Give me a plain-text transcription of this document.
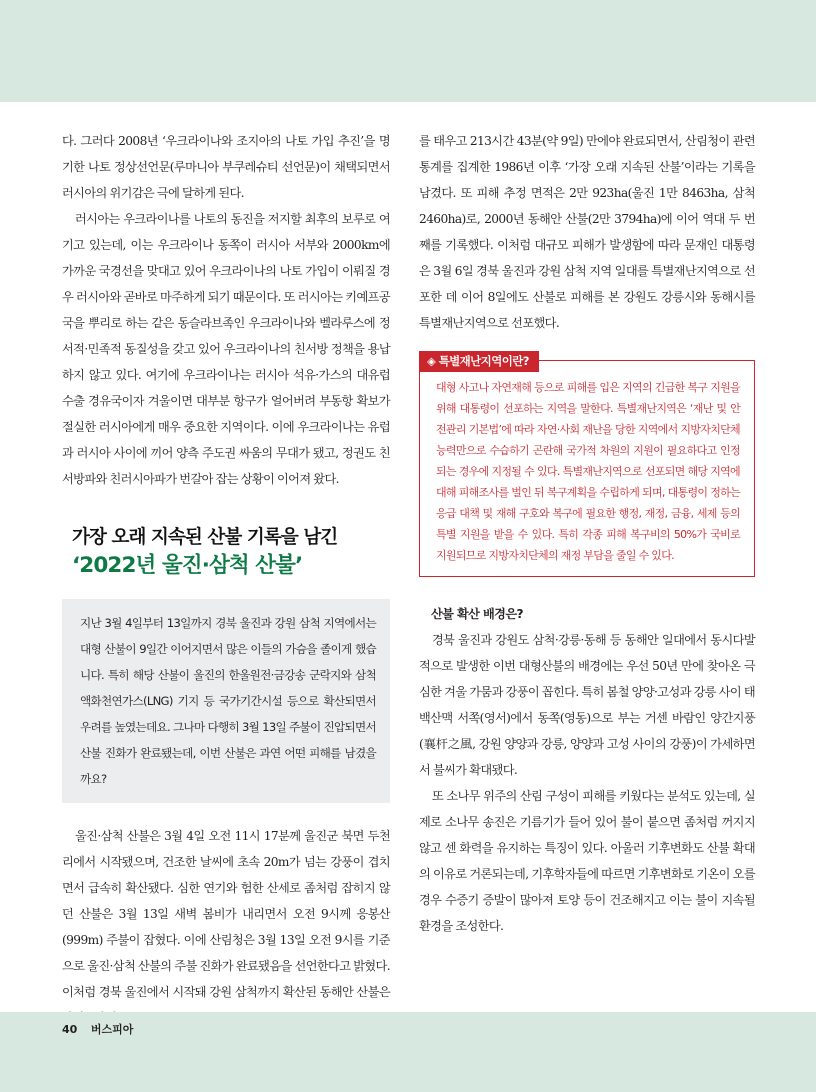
다. 그러다 2008년 ‘우크라이나와 조지아의 나토 가입 추진’을 명기한 나토 정상선언문(루마니아 부쿠레슈티 선언문)이 채택되면서 러시아의 위기감은 극에 달하게 된다.

러시아는 우크라이나를 나토의 동진을 저지할 최후의 보루로 여기고 있는데, 이는 우크라이나 동쪽이 러시아 서부와 2000km에 가까운 국경선을 맞대고 있어 우크라이나의 나토 가입이 이뤄질 경우 러시아와 곧바로 마주하게 되기 때문이다. 또 러시아는 키예프공국을 뿌리로 하는 같은 동슬라브족인 우크라이나와 벨라루스에 정서적·민족적 동질성을 갖고 있어 우크라이나의 친서방 정책을 용납하지 않고 있다. 여기에 우크라이나는 러시아 석유·가스의 대유럽 수출 경유국이자 겨울이면 대부분 항구가 얼어버려 부동항 확보가 절실한 러시아에게 매우 중요한 지역이다. 이에 우크라이나는 유럽과 러시아 사이에 끼어 양측 주도권 싸움의 무대가 됐고, 정권도 친서방파와 친러시아파가 번갈아 잡는 상황이 이어져 왔다.

가장 오래 지속된 산불 기록을 남긴
‘2022년 울진·삼척 산불’
지난 3월 4일부터 13일까지 경북 울진과 강원 삼척 지역에서는 대형 산불이 9일간 이어지면서 많은 이들의 가슴을 졸이게 했습니다. 특히 해당 산불이 울진의 한울원전·금강송 군락지와 삼척 액화천연가스(LNG) 기지 등 국가기간시설 등으로 확산되면서 우려를 높였는데요. 그나마 다행히 3월 13일 주불이 진압되면서 산불 진화가 완료됐는데, 이번 산불은 과연 어떤 피해를 남겼을까요?

울진·삼척 산불은 3월 4일 오전 11시 17분께 울진군 북면 두천리에서 시작됐으며, 건조한 날씨에 초속 20m가 넘는 강풍이 겹치면서 급속히 확산됐다. 심한 연기와 험한 산세로 좀처럼 잡히지 않던 산불은 3월 13일 새벽 봄비가 내리면서 오전 9시께 응봉산(999m) 주불이 잡혔다. 이에 산림청은 3월 13일 오전 9시를 기준으로 울진·삼척 산불의 주불 진화가 완료됐음을 선언한다고 밝혔다. 이처럼 경북 울진에서 시작돼 강원 삼척까지 확산된 동해안 산불은

를 태우고 213시간 43분(약 9일) 만에야 완료되면서, 산림청이 관련 통계를 집계한 1986년 이후 ‘가장 오래 지속된 산불’이라는 기록을 남겼다. 또 피해 추정 면적은 2만 923ha(울진 1만 8463ha, 삼척 2460ha)로, 2000년 동해안 산불(2만 3794ha)에 이어 역대 두 번째를 기록했다. 이처럼 대규모 피해가 발생함에 따라 문재인 대통령은 3월 6일 경북 울진과 강원 삼척 지역 일대를 특별재난지역으로 선포한 데 이어 8일에도 산불로 피해를 본 강원도 강릉시와 동해시를 특별재난지역으로 선포했다.

◈ 특별재난지역이란?

대형 사고나 자연재해 등으로 피해를 입은 지역의 긴급한 복구 지원을 위해 대통령이 선포하는 지역을 말한다. 특별재난지역은 ‘재난 및 안전관리 기본법’에 따라 자연·사회 재난을 당한 지역에서 지방자치단체 능력만으로 수습하기 곤란해 국가적 차원의 지원이 필요하다고 인정되는 경우에 지정될 수 있다. 특별재난지역으로 선포되면 해당 지역에 대해 피해조사를 벌인 뒤 복구계획을 수립하게 되며, 대통령이 정하는 응급 대책 및 재해 구호와 복구에 필요한 행정, 재정, 금융, 세제 등의 특별 지원을 받을 수 있다. 특히 각종 피해 복구비의 50%가 국비로 지원되므로 지방자치단체의 재정 부담을 줄일 수 있다.

산불 확산 배경은?

경북 울진과 강원도 삼척·강릉·동해 등 동해안 일대에서 동시다발적으로 발생한 이번 대형산불의 배경에는 우선 50년 만에 찾아온 극심한 겨울 가뭄과 강풍이 꼽힌다. 특히 봄철 양양·고성과 강릉 사이 태백산맥 서쪽(영서)에서 동쪽(영동)으로 부는 거센 바람인 양간지풍(襄杆之風, 강원 양양과 강릉, 양양과 고성 사이의 강풍)이 가세하면서 불씨가 확대됐다.

또 소나무 위주의 산림 구성이 피해를 키웠다는 분석도 있는데, 실제로 소나무 송진은 기름기가 들어 있어 불이 붙으면 좀처럼 꺼지지 않고 센 화력을 유지하는 특징이 있다. 아울러 기후변화도 산불 확대의 이유로 거론되는데, 기후학자들에 따르면 기후변화로 기온이 오를 경우 수증기 증발이 많아져 토양 등이 건조해지고 이는 불이 지속될 환경을 조성한다.

40 버스피아
